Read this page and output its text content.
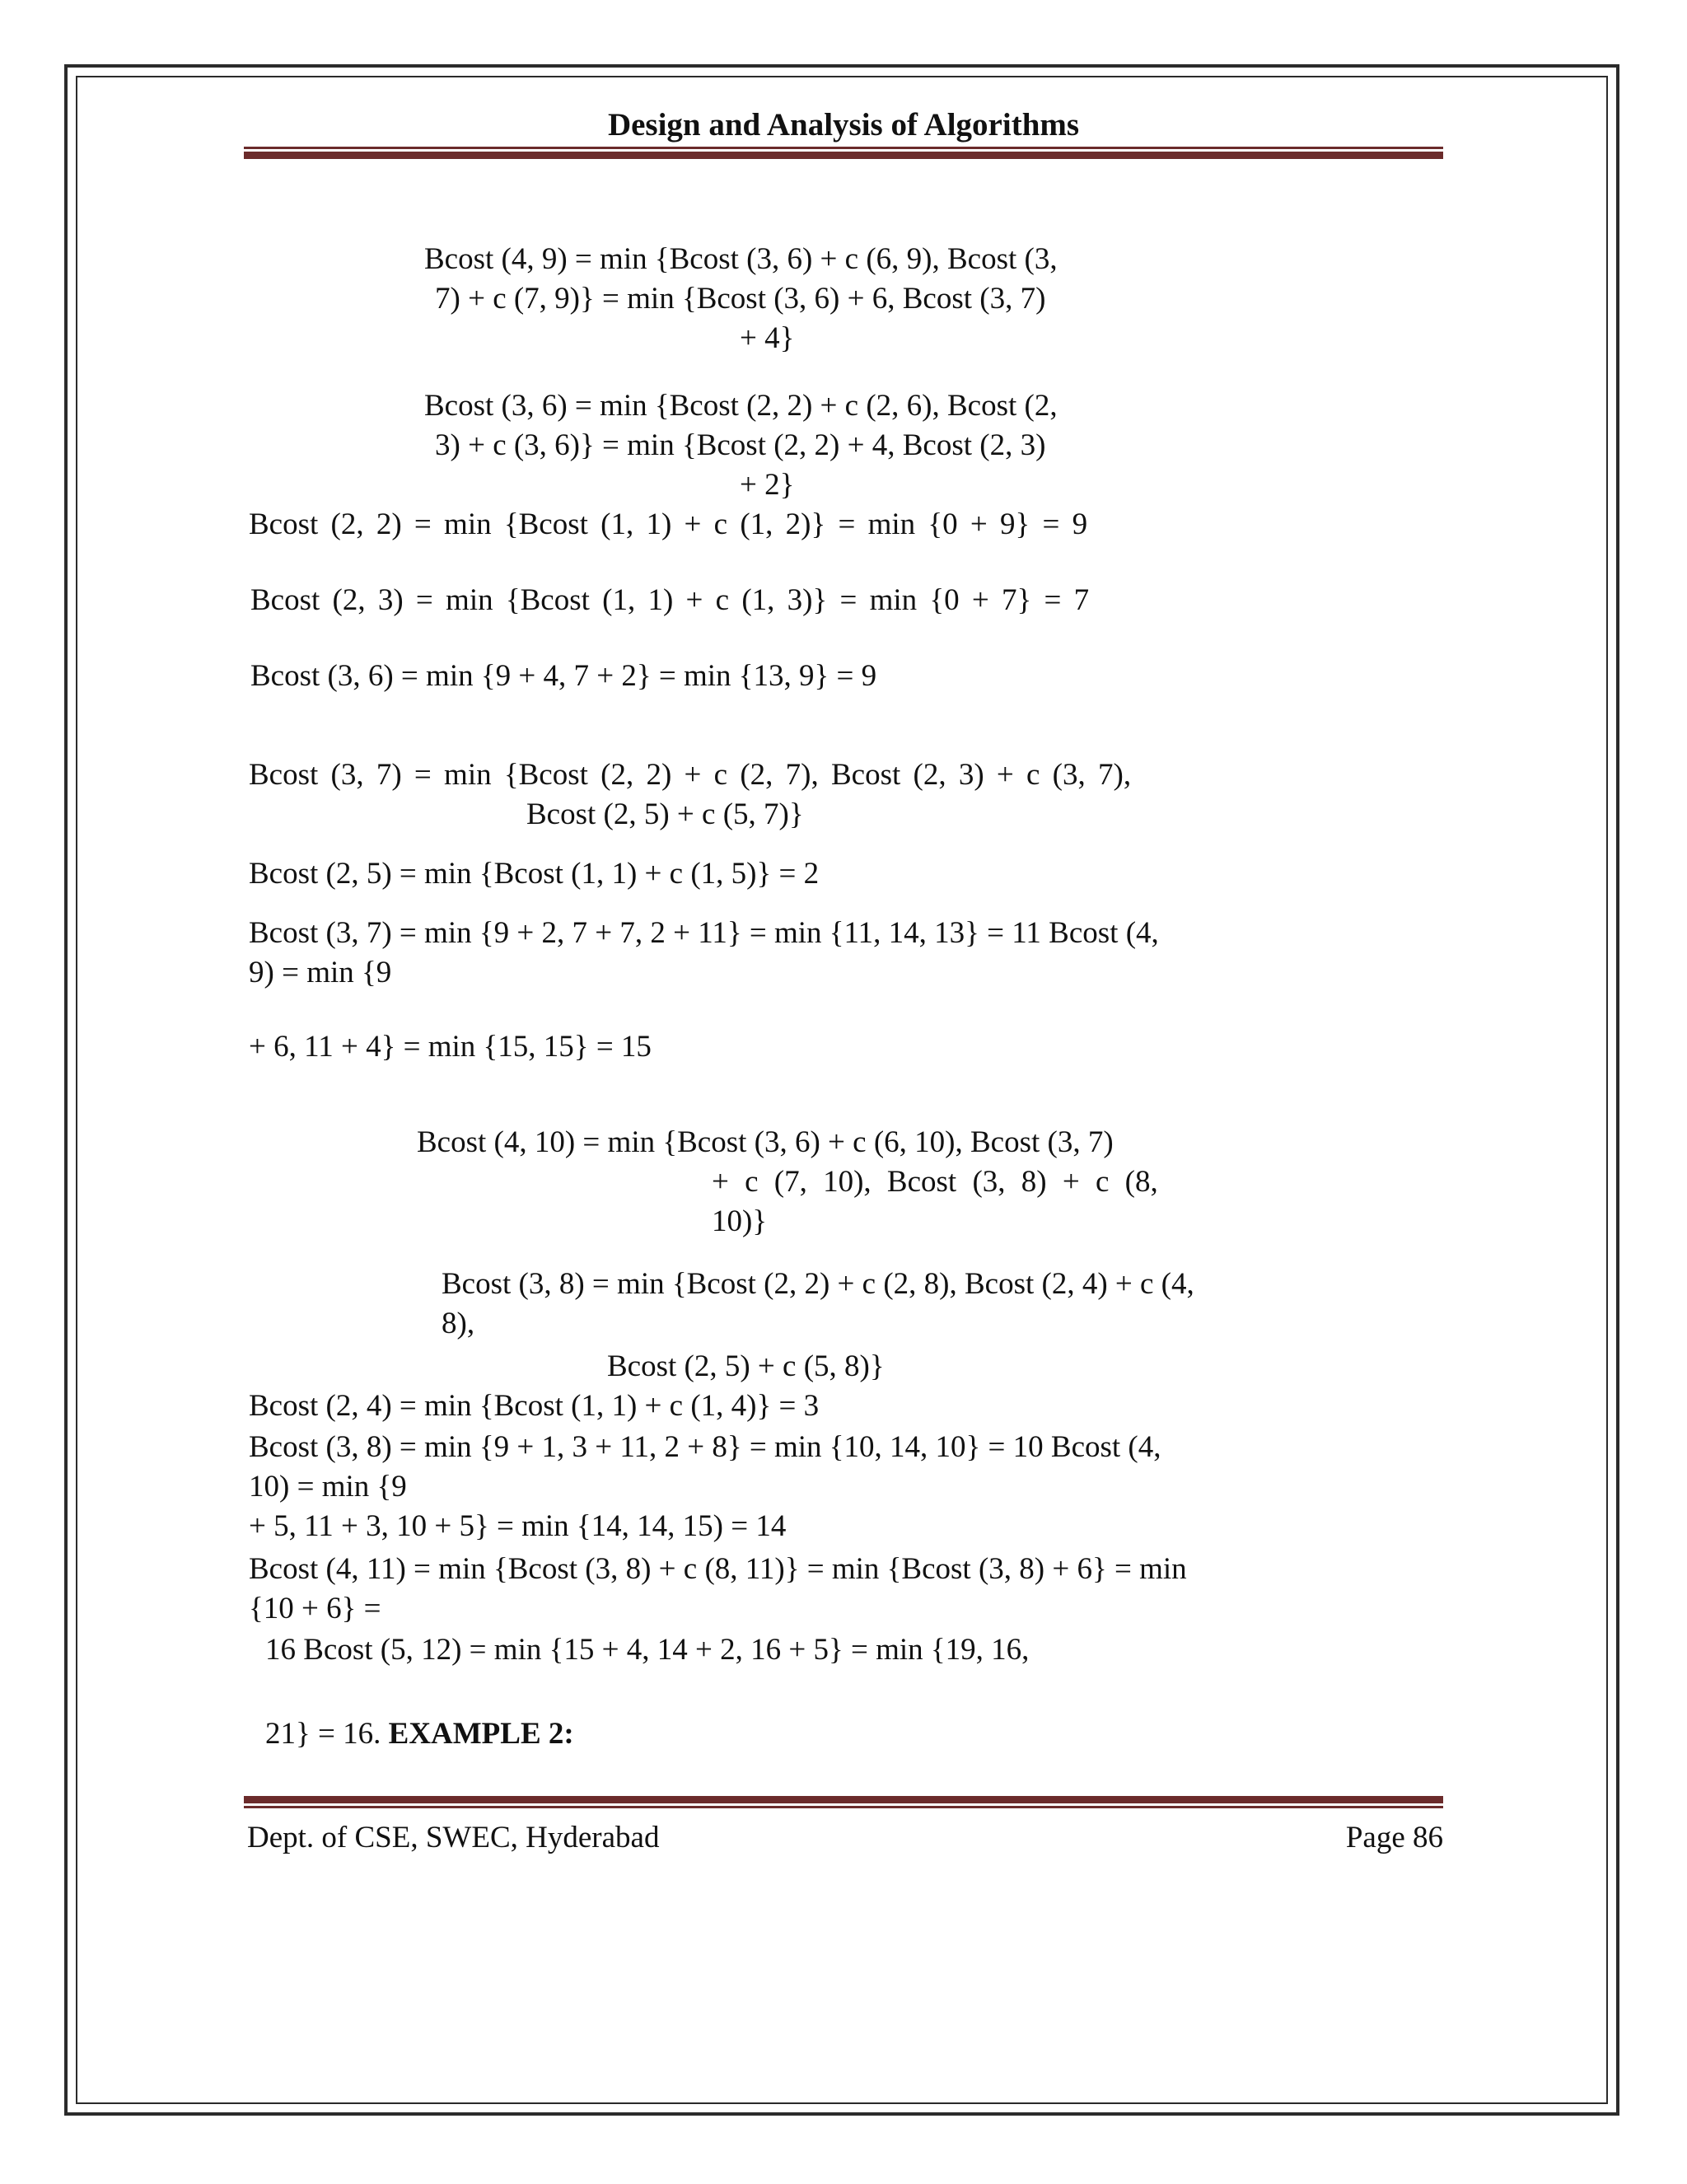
Design and Analysis of Algorithms
Bcost (4, 9) = min {Bcost (3, 6) + c (6, 9), Bcost (3,
7) + c (7, 9)} = min {Bcost (3, 6) + 6, Bcost (3, 7)
+ 4}
Bcost (3, 6) = min {Bcost (2, 2) + c (2, 6), Bcost (2,
3) + c (3, 6)} = min {Bcost (2, 2) + 4, Bcost (2, 3)
+ 2}
Bcost (2, 2) = min {Bcost (1, 1) + c (1, 2)} = min {0 + 9} = 9
Bcost (2, 3) = min {Bcost (1, 1) + c (1, 3)} = min {0 + 7} = 7
Bcost (3, 6) = min {9 + 4, 7 + 2} = min {13, 9} = 9
Bcost (3, 7) = min {Bcost (2, 2) + c (2, 7), Bcost (2, 3) + c (3, 7),
Bcost (2, 5) + c (5, 7)}
Bcost (2, 5) = min {Bcost (1, 1) + c (1, 5)} = 2
Bcost (3, 7) = min {9 + 2, 7 + 7, 2 + 11} = min {11, 14, 13} = 11 Bcost (4,
9) = min {9
+ 6, 11 + 4} = min {15, 15} = 15
Bcost (4, 10) = min {Bcost (3, 6) + c (6, 10), Bcost (3, 7)
+ c (7, 10), Bcost (3, 8) + c (8,
10)}
Bcost (3, 8) = min {Bcost (2, 2) + c (2, 8), Bcost (2, 4) + c (4,
8),
Bcost (2, 5) + c (5, 8)}
Bcost (2, 4) = min {Bcost (1, 1) + c (1, 4)} = 3
Bcost (3, 8) = min {9 + 1, 3 + 11, 2 + 8} = min {10, 14, 10} = 10 Bcost (4,
10) = min {9
+ 5, 11 + 3, 10 + 5} = min {14, 14, 15) = 14
Bcost (4, 11) = min {Bcost (3, 8) + c (8, 11)} = min {Bcost (3, 8) + 6} = min
{10 + 6} =
16 Bcost (5, 12) = min {15 + 4, 14 + 2, 16 + 5} = min {19, 16,
21} = 16. EXAMPLE 2:
Dept. of CSE, SWEC, Hyderabad	Page 86
